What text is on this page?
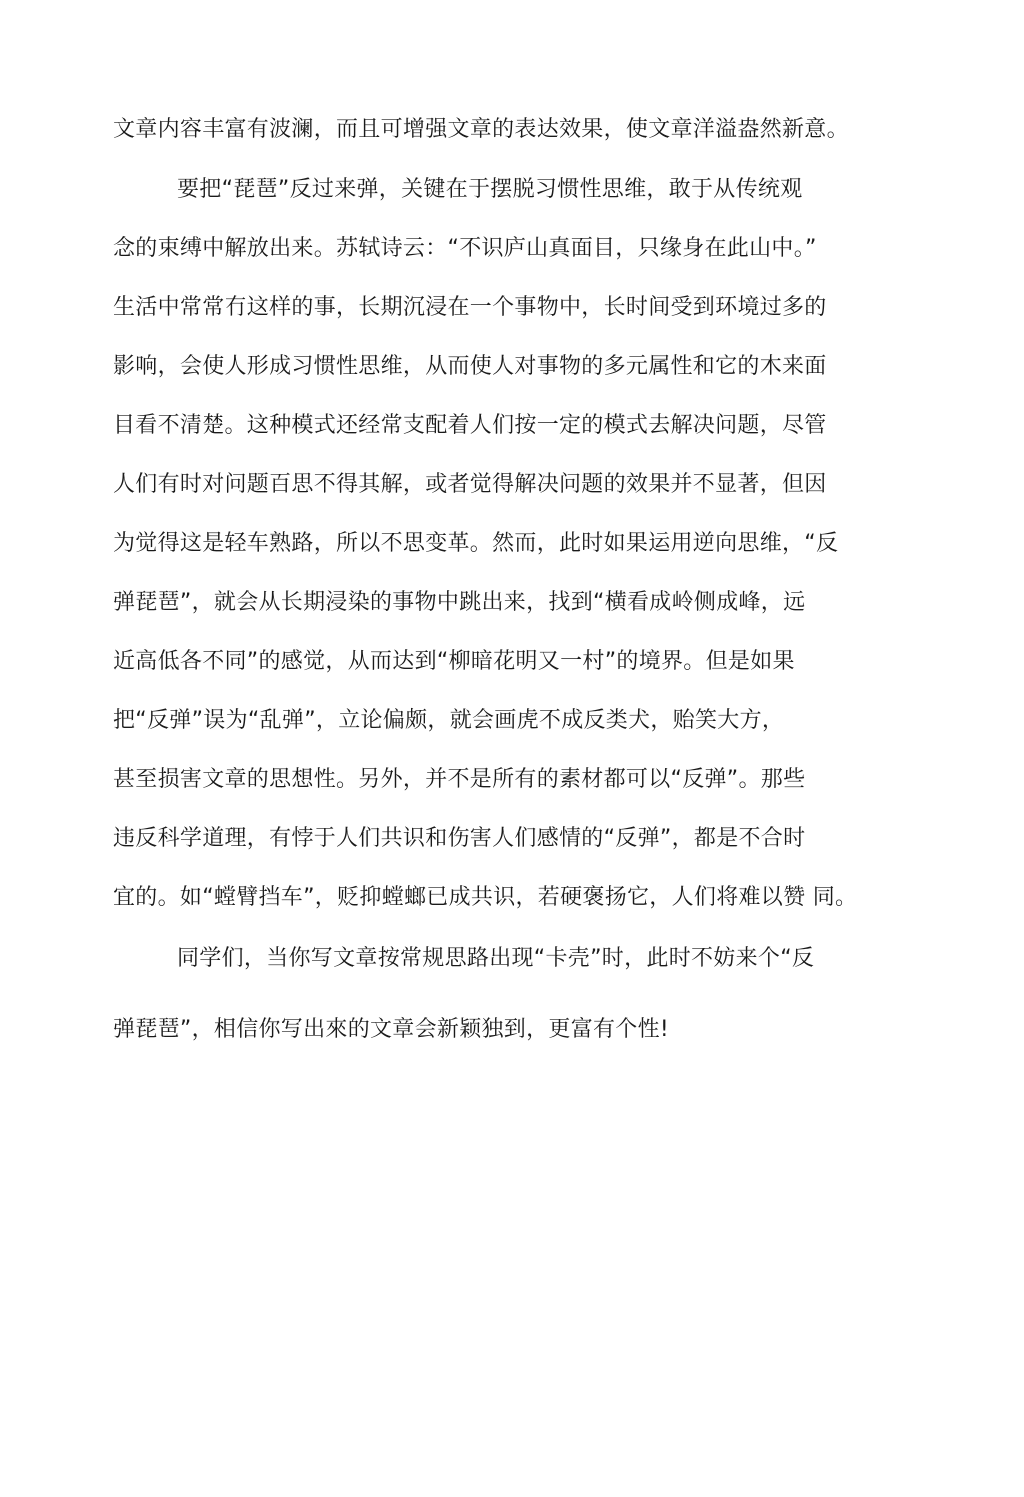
文章内容丰富有波澜，而且可增强文章的表达效果，使文章洋溢盎然新意。
要把“琵琶”反过来弹，关键在于摆脱习惯性思维，敢于从传统观
念的束缚中解放出来。苏轼诗云：“不识庐山真面目，只缘身在此山中。”
生活中常常冇这样的事，长期沉浸在一个事物中，长时间受到环境过多的
影响，会使人形成习惯性思维，从而使人对事物的多元属性和它的木来面
目看不清楚。这种模式还经常支配着人们按一定的模式去解决问题，尽管
人们有时对问题百思不得其解，或者觉得解决问题的效果并不显著，但因
为觉得这是轻车熟路，所以不思变革。然而，此时如果运用逆向思维，“反
弹琵琶”，就会从长期浸染的事物中跳出来，找到“横看成岭侧成峰，远
近高低各不同”的感觉，从而达到“柳暗花明又一村”的境界。但是如果
把“反弹”误为“乱弹”，立论偏颇，就会画虎不成反类犬，贻笑大方，
甚至损害文章的思想性。另外，并不是所有的素材都可以“反弹”。那些
违反科学道理，有悖于人们共识和伤害人们感情的“反弹”，都是不合时
宜的。如“螳臂挡车”，贬抑螳螂已成共识，若硬褒扬它，人们将难以赞 同。
同学们，当你写文章按常规思路出现“卡壳”时，此时不妨来个“反
弹琵琶”，相信你写出來的文章会新颖独到，更富有个性!
